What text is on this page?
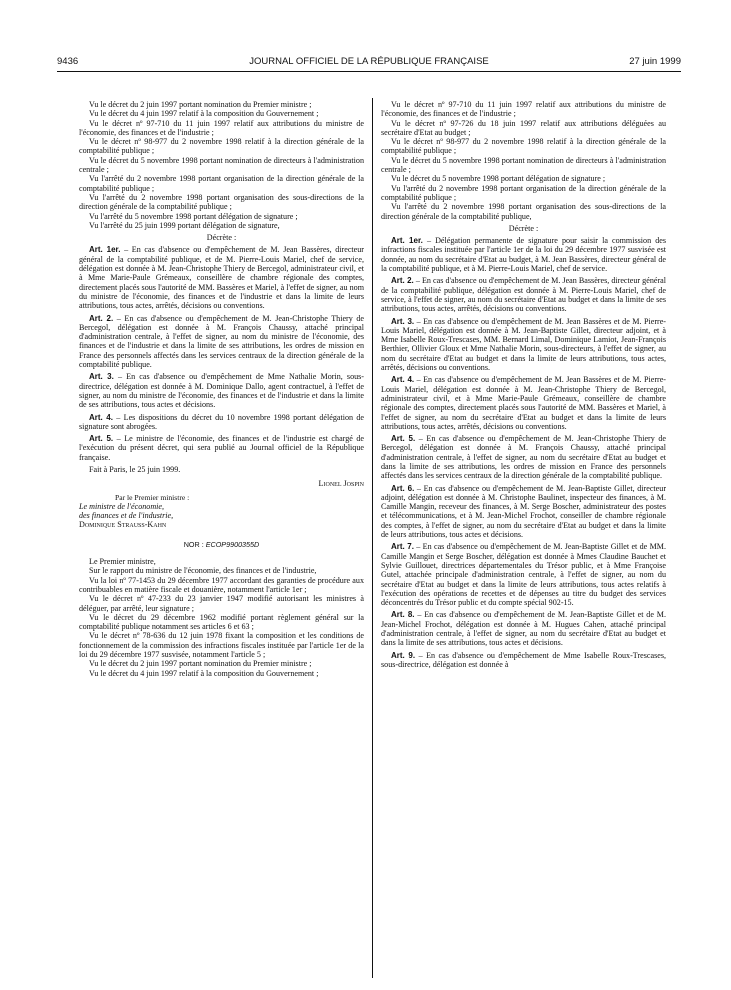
9436	JOURNAL OFFICIEL DE LA RÉPUBLIQUE FRANÇAISE	27 juin 1999

Vu le décret du 2 juin 1997 portant nomination du Premier ministre ;

Vu le décret du 4 juin 1997 relatif à la composition du Gouvernement ;

Vu le décret nº 97-710 du 11 juin 1997 relatif aux attributions du ministre de l'économie, des finances et de l'industrie ;

Vu le décret nº 98-977 du 2 novembre 1998 relatif à la direction générale de la comptabilité publique ;

Vu le décret du 5 novembre 1998 portant nomination de directeurs à l'administration centrale ;

Vu l'arrêté du 2 novembre 1998 portant organisation de la direction générale de la comptabilité publique ;

Vu l'arrêté du 2 novembre 1998 portant organisation des sous-directions de la direction générale de la comptabilité publique ;

Vu l'arrêté du 5 novembre 1998 portant délégation de signature ;

Vu l'arrêté du 25 juin 1999 portant délégation de signature,

Décrète :

Art. 1er. – En cas d'absence ou d'empêchement de M. Jean Bassères, directeur général de la comptabilité publique, et de M. Pierre-Louis Mariel, chef de service, délégation est donnée à M. Jean-Christophe Thiery de Bercegol, administrateur civil, et à Mme Marie-Paule Grémeaux, conseillère de chambre régionale des comptes, directement placés sous l'autorité de MM. Bassères et Mariel, à l'effet de signer, au nom du ministre de l'économie, des finances et de l'industrie et dans la limite de leurs attributions, tous actes, arrêtés, décisions ou conventions.

Art. 2. – En cas d'absence ou d'empêchement de M. Jean-Christophe Thiery de Bercegol, délégation est donnée à M. François Chaussy, attaché principal d'administration centrale, à l'effet de signer, au nom du ministre de l'économie, des finances et de l'industrie et dans la limite de ses attributions, les ordres de mission en France des personnels affectés dans les services centraux de la direction générale de la comptabilité publique.

Art. 3. – En cas d'absence ou d'empêchement de Mme Nathalie Morin, sous-directrice, délégation est donnée à M. Dominique Dallo, agent contractuel, à l'effet de signer, au nom du ministre de l'économie, des finances et de l'industrie et dans la limite de ses attributions, tous actes et décisions.

Art. 4. – Les dispositions du décret du 10 novembre 1998 portant délégation de signature sont abrogées.

Art. 5. – Le ministre de l'économie, des finances et de l'industrie est chargé de l'exécution du présent décret, qui sera publié au Journal officiel de la République française.

Fait à Paris, le 25 juin 1999.

Lionel Jospin

Par le Premier ministre :

Le ministre de l'économie,

des finances et de l'industrie,

Dominique Strauss-Kahn

NOR : ECOP9900355D

Le Premier ministre,

Sur le rapport du ministre de l'économie, des finances et de l'industrie,

Vu la loi nº 77-1453 du 29 décembre 1977 accordant des garanties de procédure aux contribuables en matière fiscale et douanière, notamment l'article 1er ;

Vu le décret nº 47-233 du 23 janvier 1947 modifié autorisant les ministres à déléguer, par arrêté, leur signature ;

Vu le décret du 29 décembre 1962 modifié portant règlement général sur la comptabilité publique notamment ses articles 6 et 63 ;

Vu le décret nº 78-636 du 12 juin 1978 fixant la composition et les conditions de fonctionnement de la commission des infractions fiscales instituée par l'article 1er de la loi du 29 décembre 1977 susvisée, notamment l'article 5 ;

Vu le décret du 2 juin 1997 portant nomination du Premier ministre ;

Vu le décret du 4 juin 1997 relatif à la composition du Gouvernement ;

Vu le décret nº 97-710 du 11 juin 1997 relatif aux attributions du ministre de l'économie, des finances et de l'industrie ;

Vu le décret nº 97-726 du 18 juin 1997 relatif aux attributions déléguées au secrétaire d'Etat au budget ;

Vu le décret nº 98-977 du 2 novembre 1998 relatif à la direction générale de la comptabilité publique ;

Vu le décret du 5 novembre 1998 portant nomination de directeurs à l'administration centrale ;

Vu le décret du 5 novembre 1998 portant délégation de signature ;

Vu l'arrêté du 2 novembre 1998 portant organisation de la direction générale de la comptabilité publique ;

Vu l'arrêté du 2 novembre 1998 portant organisation des sous-directions de la direction générale de la comptabilité publique,

Décrète :

Art. 1er. – Délégation permanente de signature pour saisir la commission des infractions fiscales instituée par l'article 1er de la loi du 29 décembre 1977 susvisée est donnée, au nom du secrétaire d'Etat au budget, à M. Jean Bassères, directeur général de la comptabilité publique, et à M. Pierre-Louis Mariel, chef de service.

Art. 2. – En cas d'absence ou d'empêchement de M. Jean Bassères, directeur général de la comptabilité publique, délégation est donnée à M. Pierre-Louis Mariel, chef de service, à l'effet de signer, au nom du secrétaire d'Etat au budget et dans la limite de ses attributions, tous actes, arrêtés, décisions ou conventions.

Art. 3. – En cas d'absence ou d'empêchement de M. Jean Bassères et de M. Pierre-Louis Mariel, délégation est donnée à M. Jean-Baptiste Gillet, directeur adjoint, et à Mme Isabelle Roux-Trescases, MM. Bernard Limal, Dominique Lamiot, Jean-François Berthier, Ollivier Gloux et Mme Nathalie Morin, sous-directeurs, à l'effet de signer, au nom du secrétaire d'Etat au budget et dans la limite de leurs attributions, tous actes, arrêtés, décisions ou conventions.

Art. 4. – En cas d'absence ou d'empêchement de M. Jean Bassères et de M. Pierre-Louis Mariel, délégation est donnée à M. Jean-Christophe Thiery de Bercegol, administrateur civil, et à Mme Marie-Paule Grémeaux, conseillère de chambre régionale des comptes, directement placés sous l'autorité de MM. Bassères et Mariel, à l'effet de signer, au nom du secrétaire d'Etat au budget et dans la limite de leurs attributions, tous actes, arrêtés, décisions ou conventions.

Art. 5. – En cas d'absence ou d'empêchement de M. Jean-Christophe Thiery de Bercegol, délégation est donnée à M. François Chaussy, attaché principal d'administration centrale, à l'effet de signer, au nom du secrétaire d'Etat au budget et dans la limite de ses attributions, les ordres de mission en France des personnels affectés dans les services centraux de la direction générale de la comptabilité publique.

Art. 6. – En cas d'absence ou d'empêchement de M. Jean-Baptiste Gillet, directeur adjoint, délégation est donnée à M. Christophe Baulinet, inspecteur des finances, à M. Camille Mangin, receveur des finances, à M. Serge Boscher, administrateur des postes et télécommunications, et à M. Jean-Michel Frochot, conseiller de chambre régionale des comptes, à l'effet de signer, au nom du secrétaire d'Etat au budget et dans la limite de leurs attributions, tous actes et décisions.

Art. 7. – En cas d'absence ou d'empêchement de M. Jean-Baptiste Gillet et de MM. Camille Mangin et Serge Boscher, délégation est donnée à Mmes Claudine Bauchet et Sylvie Guillouet, directrices départementales du Trésor public, et à Mme Françoise Gutel, attachée principale d'administration centrale, à l'effet de signer, au nom du secrétaire d'Etat au budget et dans la limite de leurs attributions, tous actes relatifs à l'exécution des opérations de recettes et de dépenses au titre du budget des services déconcentrés du Trésor public et du compte spécial 902-15.

Art. 8. – En cas d'absence ou d'empêchement de M. Jean-Baptiste Gillet et de M. Jean-Michel Frochot, délégation est donnée à M. Hugues Cahen, attaché principal d'administration centrale, à l'effet de signer, au nom du secrétaire d'Etat au budget et dans la limite de ses attributions, tous actes et décisions.

Art. 9. – En cas d'absence ou d'empêchement de Mme Isabelle Roux-Trescases, sous-directrice, délégation est donnée à
